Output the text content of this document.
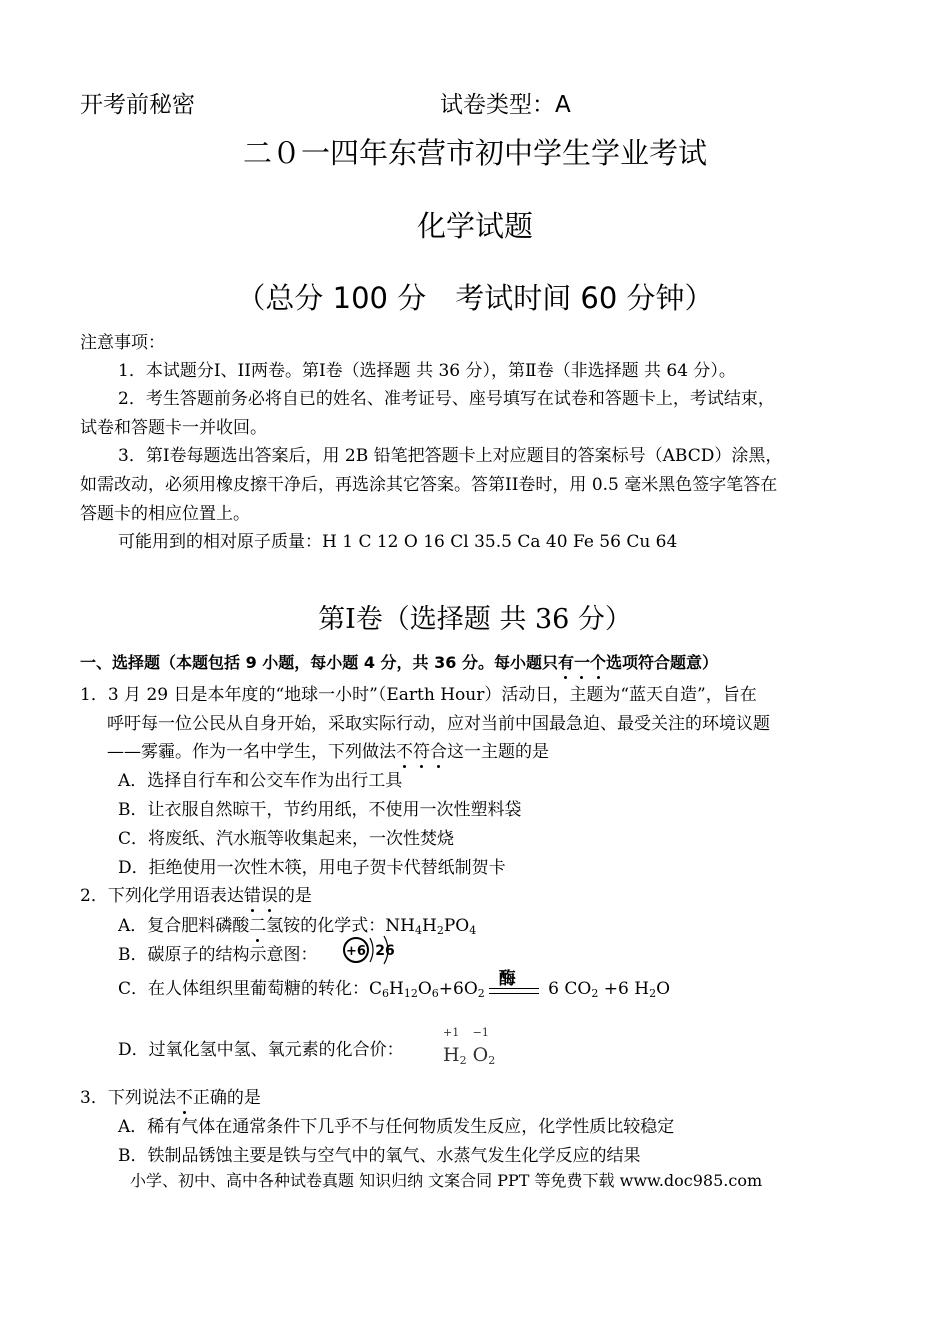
开考前秘密	试卷类型：A
二０一四年东营市初中学生学业考试
化学试题
（总分 100 分　考试时间 60 分钟）
注意事项：
1．本试题分Ⅰ、II两卷。第I卷（选择题 共 36 分），第Ⅱ卷（非选择题 共 64 分）。
2．考生答题前务必将自已的姓名、准考证号、座号填写在试卷和答题卡上，考试结束，
试卷和答题卡一并收回。
3．第I卷每题选出答案后，用 2B 铅笔把答题卡上对应题目的答案标号（ABCD）涂黑，
如需改动，必须用橡皮擦干净后，再选涂其它答案。答第II卷时，用 0.5 毫米黑色签字笔答在
答题卡的相应位置上。
可能用到的相对原子质量：H 1 C 12 O 16 Cl 35.5 Ca 40 Fe 56 Cu 64
第I卷（选择题 共 36 分）
一、选择题（本题包括 9 小题，每小题 4 分，共 36 分。每小题只有一个选项符合题意）
1．3 月 29 日是本年度的“地球一小时”（Earth Hour）活动日，主题为“蓝天自造”，旨在
呼吁每一位公民从自身开始，采取实际行动，应对当前中国最急迫、最受关注的环境议题
——雾霾。作为一名中学生，下列做法不符合这一主题的是
A．选择自行车和公交车作为出行工具
B．让衣服自然晾干，节约用纸，不使用一次性塑料袋
C．将废纸、汽水瓶等收集起来，一次性焚烧
D．拒绝使用一次性木筷，用电子贺卡代替纸制贺卡
2．下列化学用语表达错误的是
A．复合肥料磷酸二氢铵的化学式：$NH_4H_2PO_4$
B．碳原子的结构示意图： +6 26
C．在人体组织里葡萄糖的转化：$C_6H_{12}O_6+6O_2$
酶
6 $CO_2 +6$ $H_2O$
D．过氧化氢中氢、氧元素的化合价：
+1
$H_2$
−1
$O_2$
3．下列说法不正确的是
A．稀有气体在通常条件下几乎不与任何物质发生反应，化学性质比较稳定
B．铁制品锈蚀主要是铁与空气中的氧气、水蒸气发生化学反应的结果
小学、初中、高中各种试卷真题 知识归纳 文案合同 PPT 等免费下载 www.doc985.com
